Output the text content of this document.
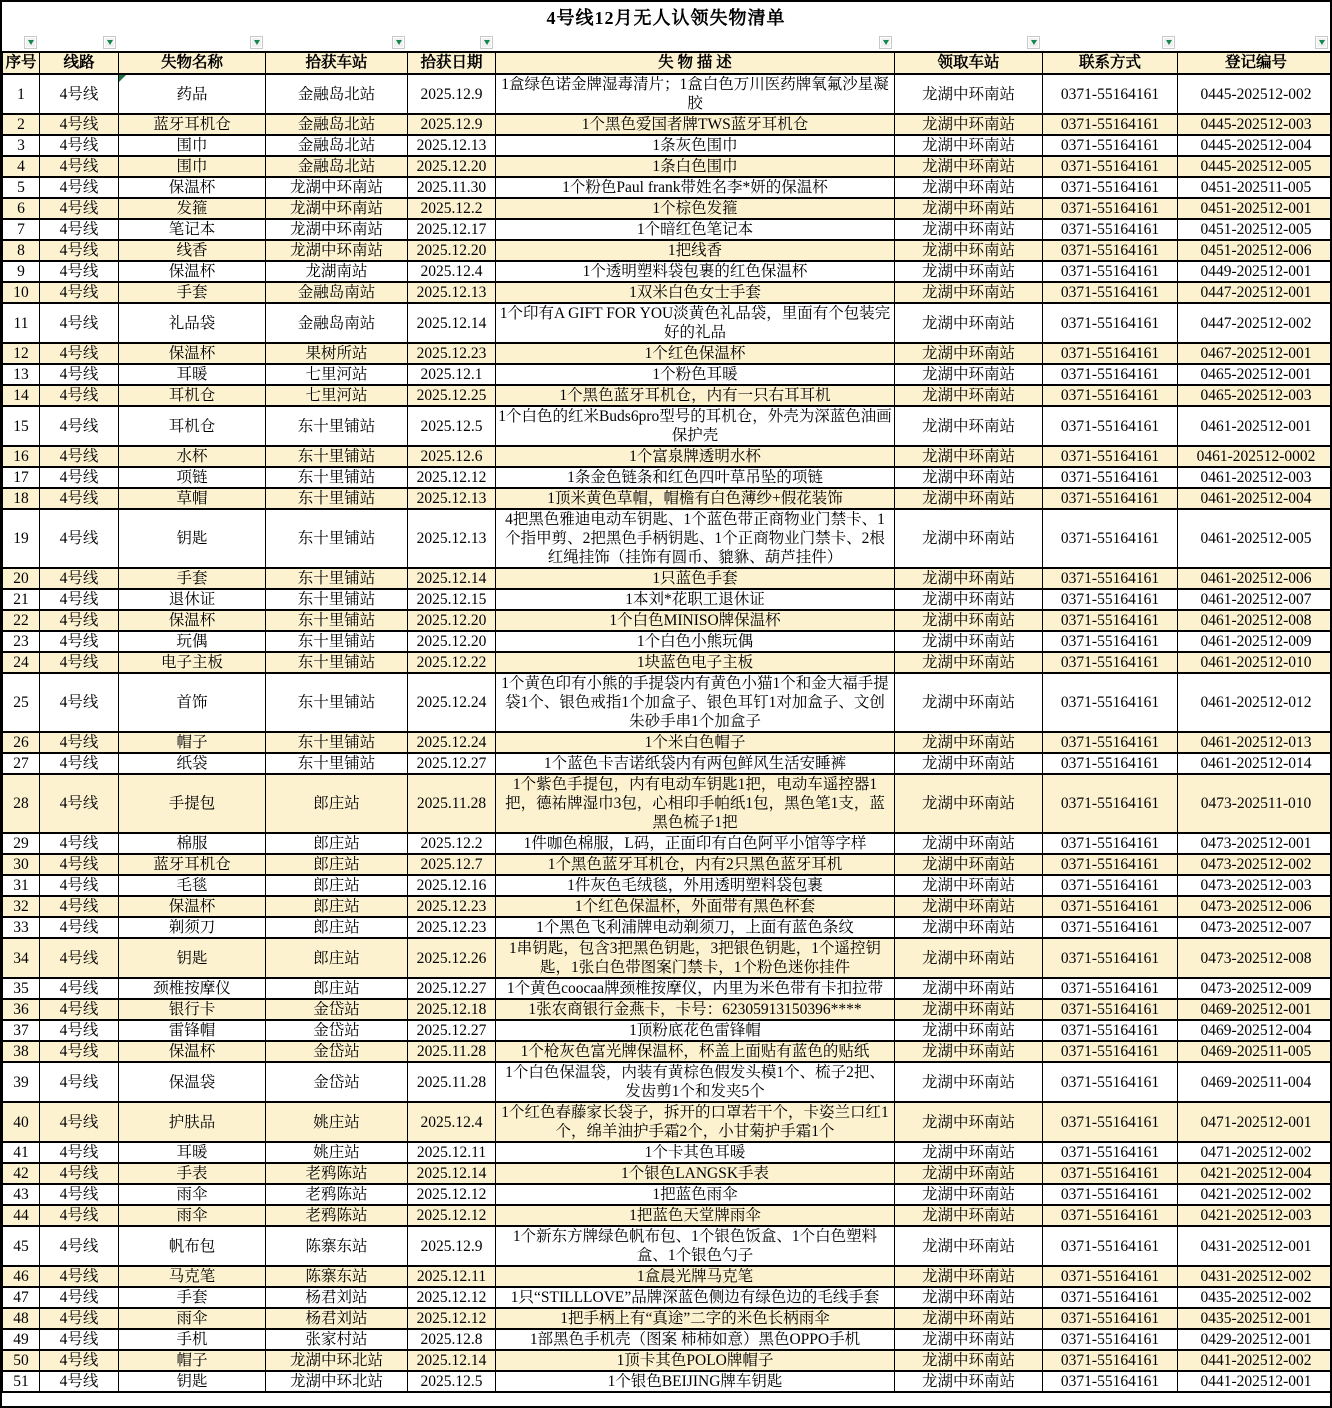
4号线12月无人认领失物清单
序号	线路	失物名称	拾获车站	拾获日期	失 物 描 述	领取车站	联系方式	登记编号
1	4号线	药品	金融岛北站	2025.12.9	1盒绿色诺金牌湿毒清片；1盒白色万川医药牌氧氟沙星凝胶	龙湖中环南站	0371-55164161	0445-202512-002
2	4号线	蓝牙耳机仓	金融岛北站	2025.12.9	1个黑色爱国者牌TWS蓝牙耳机仓	龙湖中环南站	0371-55164161	0445-202512-003
3	4号线	围巾	金融岛北站	2025.12.13	1条灰色围巾	龙湖中环南站	0371-55164161	0445-202512-004
4	4号线	围巾	金融岛北站	2025.12.20	1条白色围巾	龙湖中环南站	0371-55164161	0445-202512-005
5	4号线	保温杯	龙湖中环南站	2025.11.30	1个粉色Paul frank带姓名李*妍的保温杯	龙湖中环南站	0371-55164161	0451-202511-005
6	4号线	发箍	龙湖中环南站	2025.12.2	1个棕色发箍	龙湖中环南站	0371-55164161	0451-202512-001
7	4号线	笔记本	龙湖中环南站	2025.12.17	1个暗红色笔记本	龙湖中环南站	0371-55164161	0451-202512-005
8	4号线	线香	龙湖中环南站	2025.12.20	1把线香	龙湖中环南站	0371-55164161	0451-202512-006
9	4号线	保温杯	龙湖南站	2025.12.4	1个透明塑料袋包裹的红色保温杯	龙湖中环南站	0371-55164161	0449-202512-001
10	4号线	手套	金融岛南站	2025.12.13	1双米白色女士手套	龙湖中环南站	0371-55164161	0447-202512-001
11	4号线	礼品袋	金融岛南站	2025.12.14	1个印有A GIFT FOR YOU淡黄色礼品袋，里面有个包装完好的礼品	龙湖中环南站	0371-55164161	0447-202512-002
12	4号线	保温杯	果树所站	2025.12.23	1个红色保温杯	龙湖中环南站	0371-55164161	0467-202512-001
13	4号线	耳暖	七里河站	2025.12.1	1个粉色耳暖	龙湖中环南站	0371-55164161	0465-202512-001
14	4号线	耳机仓	七里河站	2025.12.25	1个黑色蓝牙耳机仓，内有一只右耳耳机	龙湖中环南站	0371-55164161	0465-202512-003
15	4号线	耳机仓	东十里铺站	2025.12.5	1个白色的红米Buds6pro型号的耳机仓，外壳为深蓝色油画保护壳	龙湖中环南站	0371-55164161	0461-202512-001
16	4号线	水杯	东十里铺站	2025.12.6	1个富泉牌透明水杯	龙湖中环南站	0371-55164161	0461-202512-0002
17	4号线	项链	东十里铺站	2025.12.12	1条金色链条和红色四叶草吊坠的项链	龙湖中环南站	0371-55164161	0461-202512-003
18	4号线	草帽	东十里铺站	2025.12.13	1顶米黄色草帽，帽檐有白色薄纱+假花装饰	龙湖中环南站	0371-55164161	0461-202512-004
19	4号线	钥匙	东十里铺站	2025.12.13	4把黑色雅迪电动车钥匙、1个蓝色带正商物业门禁卡、1个指甲剪、2把黑色手柄钥匙、1个正商物业门禁卡、2根红绳挂饰（挂饰有圆币、貔貅、葫芦挂件）	龙湖中环南站	0371-55164161	0461-202512-005
20	4号线	手套	东十里铺站	2025.12.14	1只蓝色手套	龙湖中环南站	0371-55164161	0461-202512-006
21	4号线	退休证	东十里铺站	2025.12.15	1本刘*花职工退休证	龙湖中环南站	0371-55164161	0461-202512-007
22	4号线	保温杯	东十里铺站	2025.12.20	1个白色MINISO牌保温杯	龙湖中环南站	0371-55164161	0461-202512-008
23	4号线	玩偶	东十里铺站	2025.12.20	1个白色小熊玩偶	龙湖中环南站	0371-55164161	0461-202512-009
24	4号线	电子主板	东十里铺站	2025.12.22	1块蓝色电子主板	龙湖中环南站	0371-55164161	0461-202512-010
25	4号线	首饰	东十里铺站	2025.12.24	1个黄色印有小熊的手提袋内有黄色小猫1个和金大福手提袋1个、银色戒指1个加盒子、银色耳钉1对加盒子、文创朱砂手串1个加盒子	龙湖中环南站	0371-55164161	0461-202512-012
26	4号线	帽子	东十里铺站	2025.12.24	1个米白色帽子	龙湖中环南站	0371-55164161	0461-202512-013
27	4号线	纸袋	东十里铺站	2025.12.27	1个蓝色卡吉诺纸袋内有两包鲜风生活安睡裤	龙湖中环南站	0371-55164161	0461-202512-014
28	4号线	手提包	郎庄站	2025.11.28	1个紫色手提包，内有电动车钥匙1把，电动车遥控器1把，德祐牌湿巾3包，心相印手帕纸1包，黑色笔1支，蓝黑色梳子1把	龙湖中环南站	0371-55164161	0473-202511-010
29	4号线	棉服	郎庄站	2025.12.2	1件咖色棉服，L码，正面印有白色阿平小馆等字样	龙湖中环南站	0371-55164161	0473-202512-001
30	4号线	蓝牙耳机仓	郎庄站	2025.12.7	1个黑色蓝牙耳机仓，内有2只黑色蓝牙耳机	龙湖中环南站	0371-55164161	0473-202512-002
31	4号线	毛毯	郎庄站	2025.12.16	1件灰色毛绒毯，外用透明塑料袋包裹	龙湖中环南站	0371-55164161	0473-202512-003
32	4号线	保温杯	郎庄站	2025.12.23	1个红色保温杯，外面带有黑色杯套	龙湖中环南站	0371-55164161	0473-202512-006
33	4号线	剃须刀	郎庄站	2025.12.23	1个黑色飞利浦牌电动剃须刀，上面有蓝色条纹	龙湖中环南站	0371-55164161	0473-202512-007
34	4号线	钥匙	郎庄站	2025.12.26	1串钥匙，包含3把黑色钥匙，3把银色钥匙，1个遥控钥匙，1张白色带图案门禁卡，1个粉色迷你挂件	龙湖中环南站	0371-55164161	0473-202512-008
35	4号线	颈椎按摩仪	郎庄站	2025.12.27	1个黄色coocaa牌颈椎按摩仪，内里为米色带有卡扣拉带	龙湖中环南站	0371-55164161	0473-202512-009
36	4号线	银行卡	金岱站	2025.12.18	1张农商银行金燕卡，卡号：62305913150396****	龙湖中环南站	0371-55164161	0469-202512-001
37	4号线	雷锋帽	金岱站	2025.12.27	1顶粉底花色雷锋帽	龙湖中环南站	0371-55164161	0469-202512-004
38	4号线	保温杯	金岱站	2025.11.28	1个枪灰色富光牌保温杯，杯盖上面贴有蓝色的贴纸	龙湖中环南站	0371-55164161	0469-202511-005
39	4号线	保温袋	金岱站	2025.11.28	1个白色保温袋，内装有黄棕色假发头模1个、梳子2把、发齿剪1个和发夹5个	龙湖中环南站	0371-55164161	0469-202511-004
40	4号线	护肤品	姚庄站	2025.12.4	1个红色春藤家长袋子，拆开的口罩若干个，卡姿兰口红1个，绵羊油护手霜2个，小甘菊护手霜1个	龙湖中环南站	0371-55164161	0471-202512-001
41	4号线	耳暖	姚庄站	2025.12.11	1个卡其色耳暖	龙湖中环南站	0371-55164161	0471-202512-002
42	4号线	手表	老鸦陈站	2025.12.14	1个银色LANGSK手表	龙湖中环南站	0371-55164161	0421-202512-004
43	4号线	雨伞	老鸦陈站	2025.12.12	1把蓝色雨伞	龙湖中环南站	0371-55164161	0421-202512-002
44	4号线	雨伞	老鸦陈站	2025.12.12	1把蓝色天堂牌雨伞	龙湖中环南站	0371-55164161	0421-202512-003
45	4号线	帆布包	陈寨东站	2025.12.9	1个新东方牌绿色帆布包、1个银色饭盒、1个白色塑料盒、1个银色勺子	龙湖中环南站	0371-55164161	0431-202512-001
46	4号线	马克笔	陈寨东站	2025.12.11	1盒晨光牌马克笔	龙湖中环南站	0371-55164161	0431-202512-002
47	4号线	手套	杨君刘站	2025.12.12	1只“STILLLOVE”品牌深蓝色侧边有绿色边的毛线手套	龙湖中环南站	0371-55164161	0435-202512-002
48	4号线	雨伞	杨君刘站	2025.12.12	1把手柄上有“真途”二字的米色长柄雨伞	龙湖中环南站	0371-55164161	0435-202512-001
49	4号线	手机	张家村站	2025.12.8	1部黑色手机壳（图案 柿柿如意）黑色OPPO手机	龙湖中环南站	0371-55164161	0429-202512-001
50	4号线	帽子	龙湖中环北站	2025.12.14	1顶卡其色POLO牌帽子	龙湖中环南站	0371-55164161	0441-202512-002
51	4号线	钥匙	龙湖中环北站	2025.12.5	1个银色BEIJING牌车钥匙	龙湖中环南站	0371-55164161	0441-202512-001
